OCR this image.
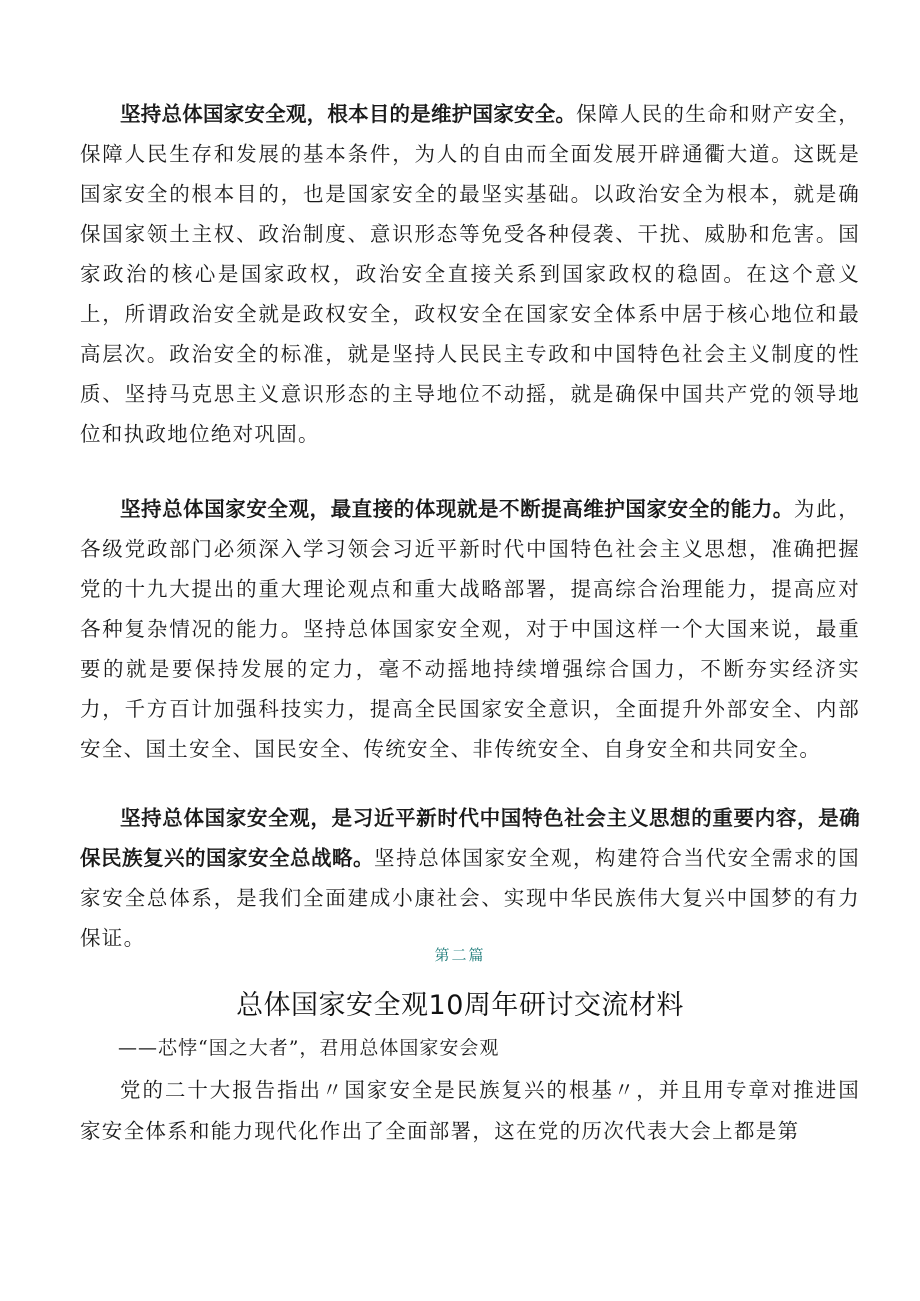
坚持总体国家安全观，根本目的是维护国家安全。保障人民的生命和财产安全，保障人民生存和发展的基本条件，为人的自由而全面发展开辟通衢大道。这既是国家安全的根本目的，也是国家安全的最坚实基础。以政治安全为根本，就是确保国家领土主权、政治制度、意识形态等免受各种侵袭、干扰、威胁和危害。国家政治的核心是国家政权，政治安全直接关系到国家政权的稳固。在这个意义上，所谓政治安全就是政权安全，政权安全在国家安全体系中居于核心地位和最高层次。政治安全的标准，就是坚持人民民主专政和中国特色社会主义制度的性质、坚持马克思主义意识形态的主导地位不动摇，就是确保中国共产党的领导地位和执政地位绝对巩固。

坚持总体国家安全观，最直接的体现就是不断提高维护国家安全的能力。为此，各级党政部门必须深入学习领会习近平新时代中国特色社会主义思想，准确把握党的十九大提出的重大理论观点和重大战略部署，提高综合治理能力，提高应对各种复杂情况的能力。坚持总体国家安全观，对于中国这样一个大国来说，最重要的就是要保持发展的定力，毫不动摇地持续增强综合国力，不断夯实经济实力，千方百计加强科技实力，提高全民国家安全意识，全面提升外部安全、内部安全、国土安全、国民安全、传统安全、非传统安全、自身安全和共同安全。

坚持总体国家安全观，是习近平新时代中国特色社会主义思想的重要内容，是确保民族复兴的国家安全总战略。坚持总体国家安全观，构建符合当代安全需求的国家安全总体系，是我们全面建成小康社会、实现中华民族伟大复兴中国梦的有力保证。

第二篇
总体国家安全观10周年研讨交流材料
——芯悖“国之大者”，君用总体国家安会观

党的二十大报告指出〃国家安全是民族复兴的根基〃，并且用专章对推进国家安全体系和能力现代化作出了全面部署，这在党的历次代表大会上都是第
